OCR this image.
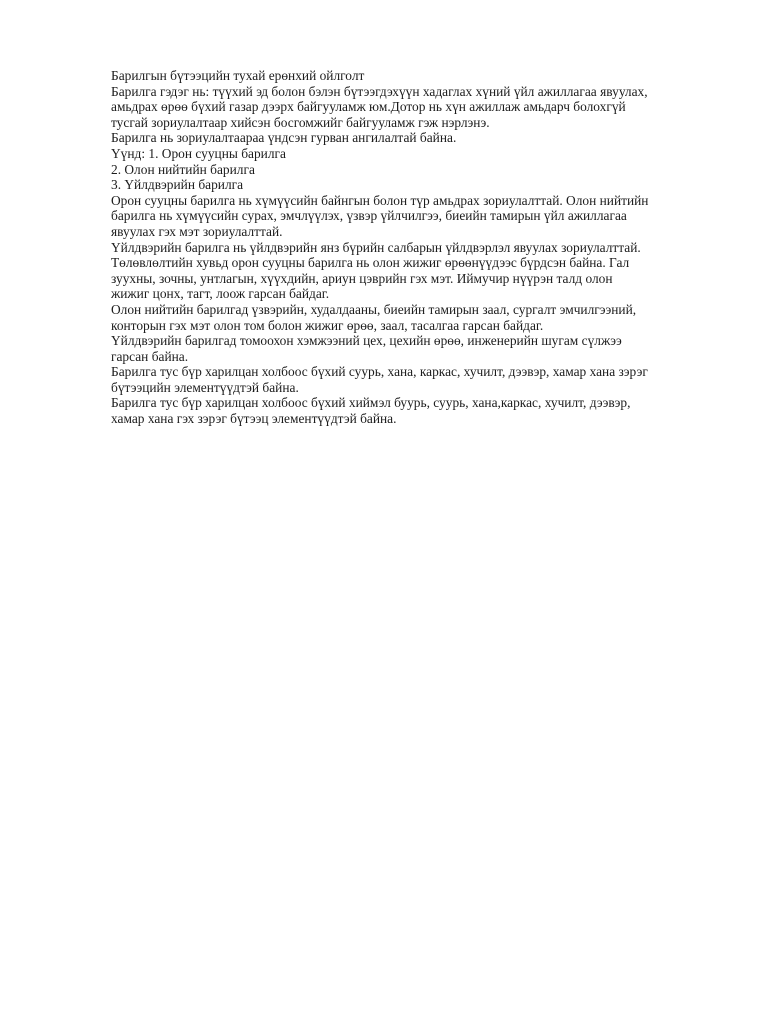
Барилгын бүтээцийн тухай ерөнхий ойлголт
Барилга гэдэг нь: түүхий эд болон бэлэн бүтээгдэхүүн хадаглах хүний үйл ажиллагаа явуулах,
амьдрах өрөө бүхий газар дээрх байгууламж юм.Дотор нь хүн ажиллаж амьдарч болохгүй
тусгай зориулалтаар хийсэн босгомжийг байгууламж гэж нэрлэнэ.
Барилга нь зориулалтаараа үндсэн гурван ангилалтай байна.
Үүнд: 1. Орон сууцны барилга
2. Олон нийтийн барилга
3. Үйлдвэрийн барилга
Орон сууцны барилга нь хүмүүсийн байнгын болон түр амьдрах зориулалттай. Олон нийтийн
барилга нь хүмүүсийн сурах, эмчлүүлэх, үзвэр үйлчилгээ, биеийн тамирын үйл ажиллагаа
явуулах гэх мэт зориулалттай.
Үйлдвэрийн барилга нь үйлдвэрийн янз бүрийн салбарын үйлдвэрлэл явуулах зориулалттай.
Төлөвлөлтийн хувьд орон сууцны барилга нь олон жижиг өрөөнүүдээс бүрдсэн байна. Гал
зуухны, зочны, унтлагын, хүүхдийн, ариун цэврийн гэх мэт. Иймучир нүүрэн талд олон
жижиг цонх, тагт, лоож гарсан байдаг.
Олон нийтийн барилгад үзвэрийн, худалдааны, биеийн тамирын заал, сургалт эмчилгээний,
конторын гэх мэт олон том болон жижиг өрөө, заал, тасалгаа гарсан байдаг.
Үйлдвэрийн барилгад томоохон хэмжээний цех, цехийн өрөө, инженерийн шугам сүлжээ
гарсан байна.
Барилга тус бүр харилцан холбоос бүхий суурь, хана, каркас, хучилт, дээвэр, хамар хана зэрэг
бүтээцийн элементүүдтэй байна.
Барилга тус бүр харилцан холбоос бүхий хиймэл буурь, суурь, хана,каркас, хучилт, дээвэр,
хамар хана гэх зэрэг бүтээц элементүүдтэй байна.
